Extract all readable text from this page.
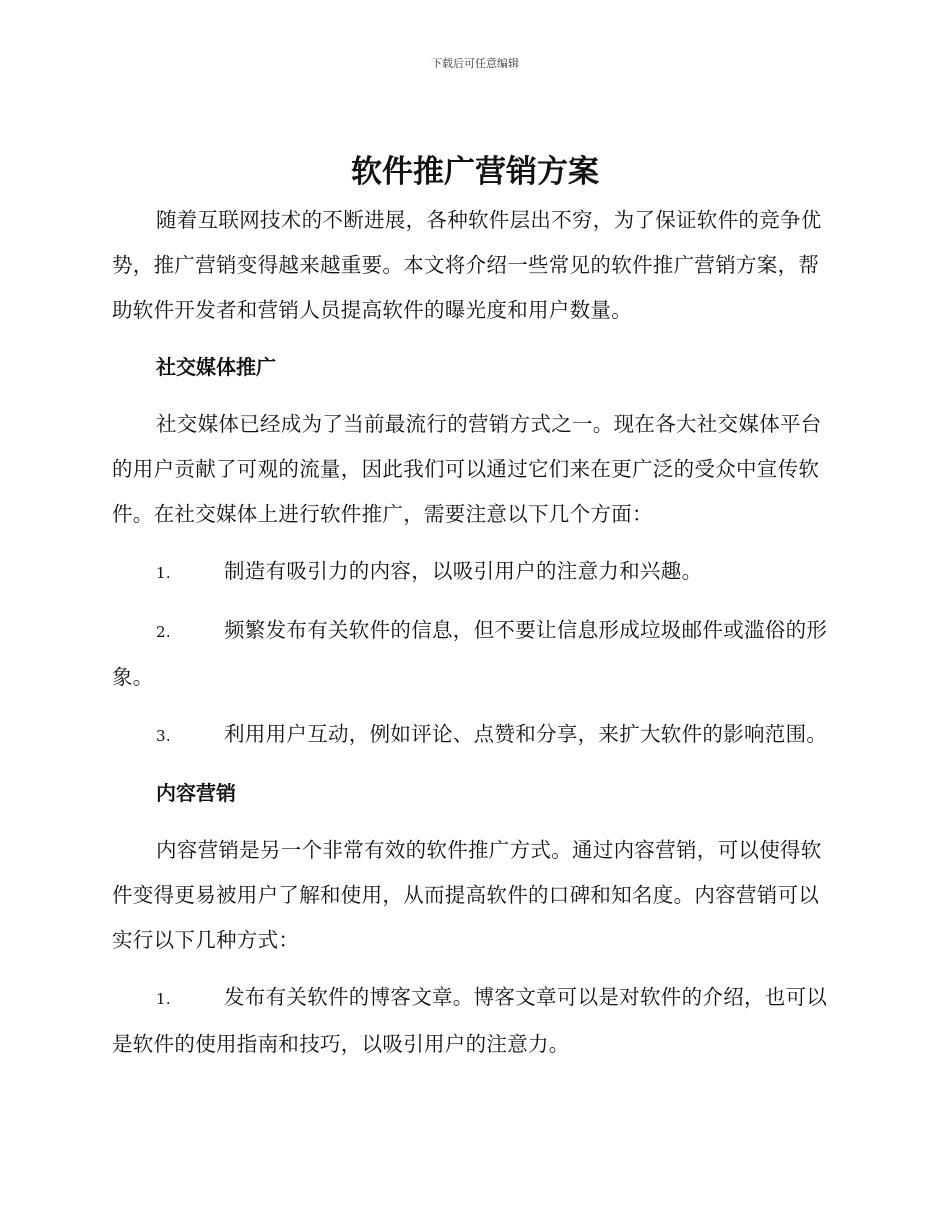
下载后可任意编辑
软件推广营销方案

随着互联网技术的不断进展，各种软件层出不穷，为了保证软件的竞争优势，推广营销变得越来越重要。本文将介绍一些常见的软件推广营销方案，帮助软件开发者和营销人员提高软件的曝光度和用户数量。

社交媒体推广

社交媒体已经成为了当前最流行的营销方式之一。现在各大社交媒体平台的用户贡献了可观的流量，因此我们可以通过它们来在更广泛的受众中宣传软件。在社交媒体上进行软件推广，需要注意以下几个方面：

1.	制造有吸引力的内容，以吸引用户的注意力和兴趣。
2.	频繁发布有关软件的信息，但不要让信息形成垃圾邮件或滥俗的形象。
3.	利用用户互动，例如评论、点赞和分享，来扩大软件的影响范围。
内容营销

内容营销是另一个非常有效的软件推广方式。通过内容营销，可以使得软件变得更易被用户了解和使用，从而提高软件的口碑和知名度。内容营销可以实行以下几种方式：

1.	发布有关软件的博客文章。博客文章可以是对软件的介绍，也可以是软件的使用指南和技巧，以吸引用户的注意力。
